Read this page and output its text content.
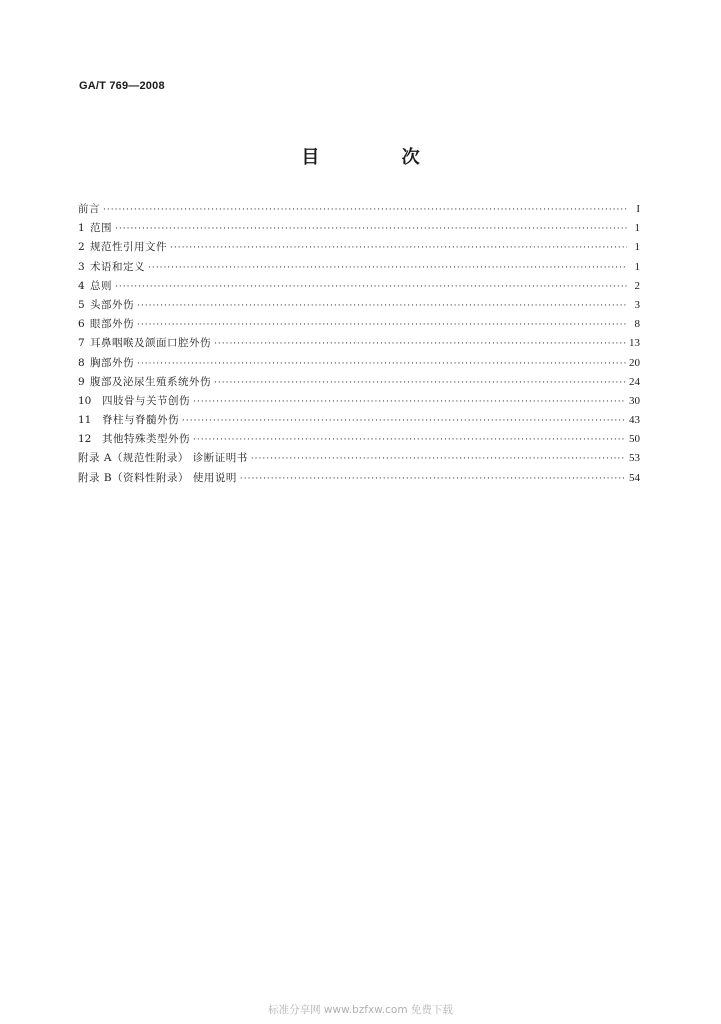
GA/T 769—2008
目 次
前言 ·····	I
1 范围 ·····	1
2 规范性引用文件 ·····	1
3 术语和定义 ·····	1
4 总则 ·····	2
5 头部外伤 ·····	3
6 眼部外伤 ·····	8
7 耳鼻咽喉及颌面口腔外伤 ·····	13
8 胸部外伤 ·····	20
9 腹部及泌尿生殖系统外伤 ·····	24
10	四肢骨与关节创伤 ·····	30
11	脊柱与脊髓外伤 ·····	43
12	其他特殊类型外伤 ·····	50
附录 A（规范性附录） 诊断证明书 ·····	53
附录 B（资料性附录） 使用说明 ·····	54
标准分享网 www.bzfxw.com 免费下载
